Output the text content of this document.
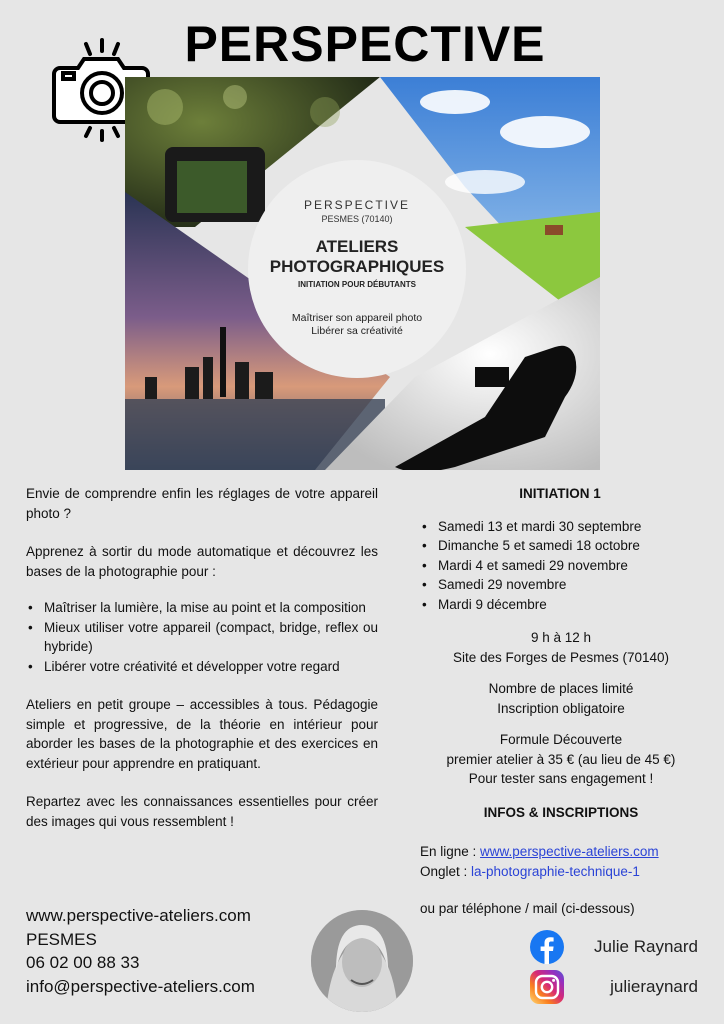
PERSPECTIVE
PERSPECTIVE
PESMES (70140)
ATELIERS
PHOTOGRAPHIQUES
INITIATION POUR DÉBUTANTS
Maîtriser son appareil photo
Libérer sa créativité

Envie de comprendre enfin les réglages de votre appareil photo ?

Apprenez à sortir du mode automatique et découvrez les bases de la photographie pour :

• Maîtriser la lumière, la mise au point et la composition
• Mieux utiliser votre appareil (compact, bridge, reflex ou hybride)
• Libérer votre créativité et développer votre regard

Ateliers en petit groupe – accessibles à tous. Pédagogie simple et progressive, de la théorie en intérieur pour aborder les bases de la photographie et des exercices en extérieur pour apprendre en pratiquant.

Repartez avec les connaissances essentielles pour créer des images qui vous ressemblent !

INITIATION 1
• Samedi 13 et mardi 30 septembre
• Dimanche 5 et samedi 18 octobre
• Mardi 4 et samedi 29 novembre
• Samedi 29 novembre
• Mardi 9 décembre
9 h à 12 h
Site des Forges de Pesmes (70140)
Nombre de places limité
Inscription obligatoire
Formule Découverte
premier atelier à 35 € (au lieu de 45 €)
Pour tester sans engagement !
INFOS & INSCRIPTIONS
En ligne : www.perspective-ateliers.com
Onglet : la-photographie-technique-1
ou par téléphone / mail (ci-dessous)
www.perspective-ateliers.com
PESMES
06 02 00 88 33
info@perspective-ateliers.com
Julie Raynard
julieraynard
